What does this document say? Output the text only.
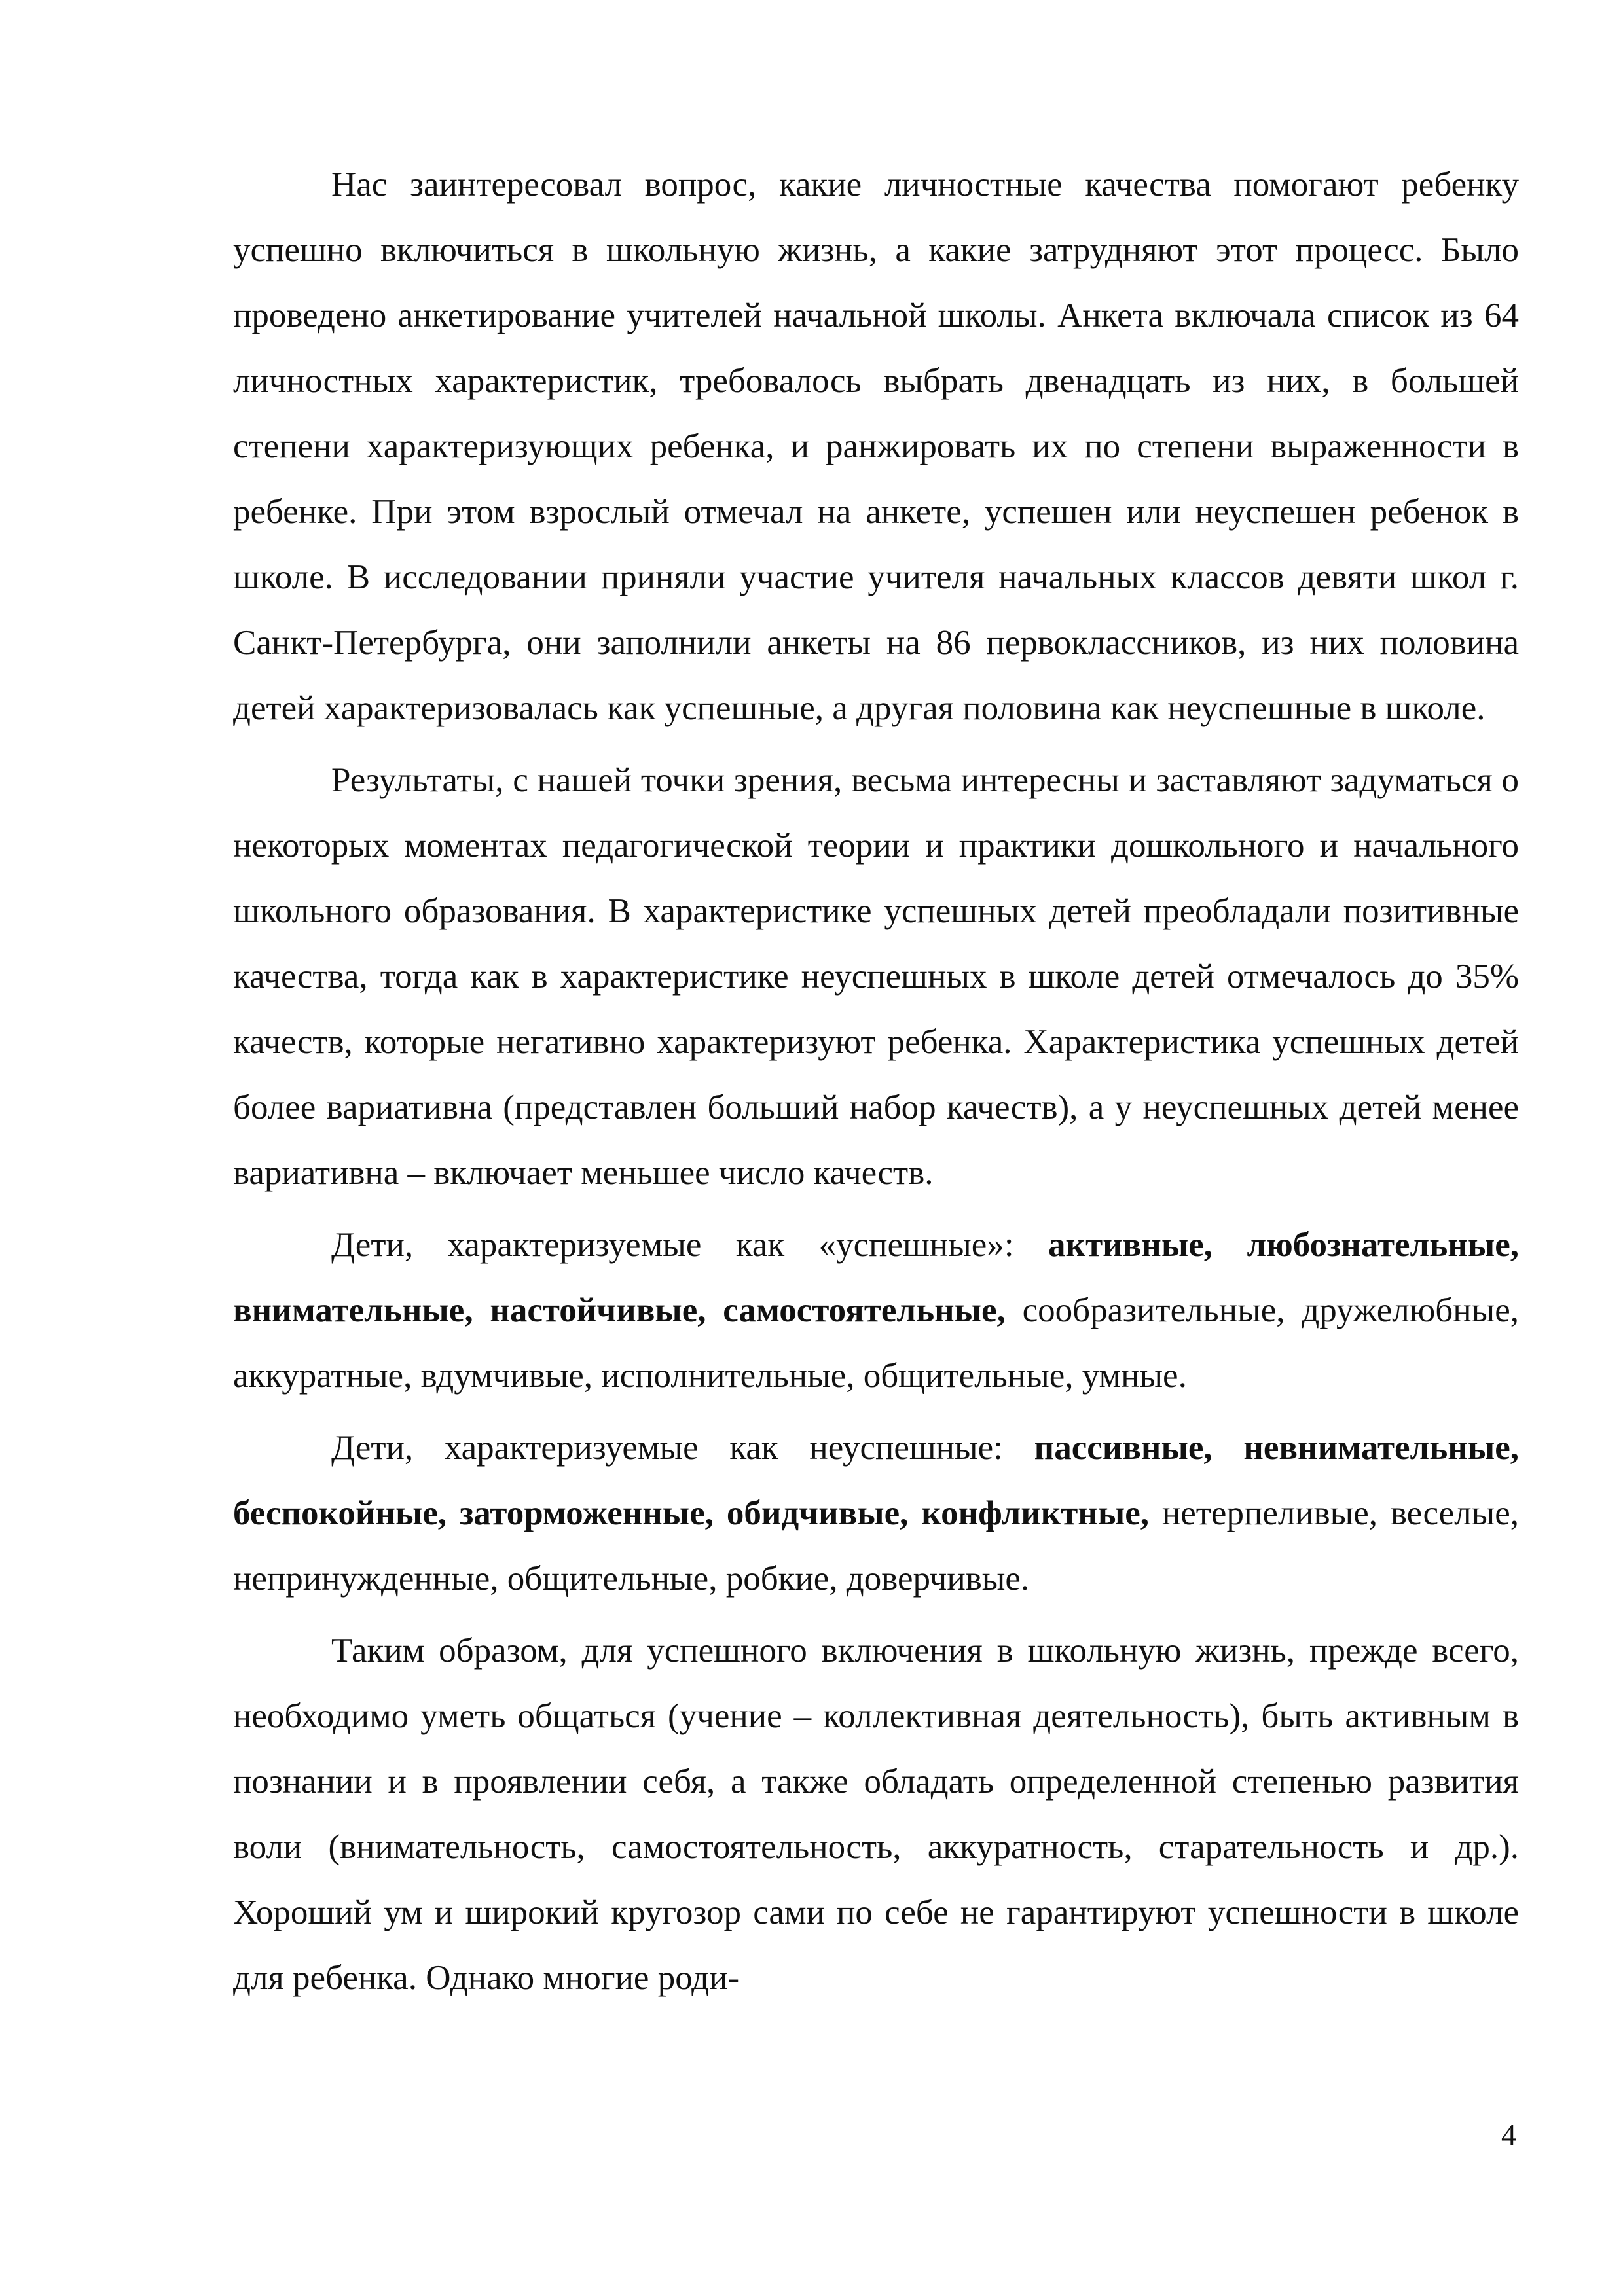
Нас заинтересовал вопрос, какие личностные качества помогают ребенку успешно включиться в школьную жизнь, а какие затрудняют этот процесс. Было проведено анкетирование учителей начальной школы. Анкета включала список из 64 личностных характеристик, требовалось выбрать двенадцать из них, в большей степени характеризующих ребенка, и ранжировать их по степени выраженности в ребенке. При этом взрослый отмечал на анкете, успешен или неуспешен ребенок в школе. В исследовании приняли участие учителя начальных классов девяти школ г. Санкт-Петербурга, они заполнили анкеты на 86 первоклассников, из них половина детей характеризовалась как успешные, а другая половина как неуспешные в школе.

Результаты, с нашей точки зрения, весьма интересны и заставляют задуматься о некоторых моментах педагогической теории и практики дошкольного и начального школьного образования. В характеристике успешных детей преобладали позитивные качества, тогда как в характеристике неуспешных в школе детей отмечалось до 35% качеств, которые негативно характеризуют ребенка. Характеристика успешных детей более вариативна (представлен больший набор качеств), а у неуспешных детей менее вариативна – включает меньшее число качеств.

Дети, характеризуемые как «успешные»: активные, любознательные, внимательные, настойчивые, самостоятельные, сообразительные, дружелюбные, аккуратные, вдумчивые, исполнительные, общительные, умные.

Дети, характеризуемые как неуспешные: пассивные, невнимательные, беспокойные, заторможенные, обидчивые, конфликтные, нетерпеливые, веселые, непринужденные, общительные, робкие, доверчивые.

Таким образом, для успешного включения в школьную жизнь, прежде всего, необходимо уметь общаться (учение – коллективная деятельность), быть активным в познании и в проявлении себя, а также обладать определенной степенью развития воли (внимательность, самостоятельность, аккуратность, старательность и др.). Хороший ум и широкий кругозор сами по себе не гарантируют успешности в школе для ребенка. Однако многие роди-

4
